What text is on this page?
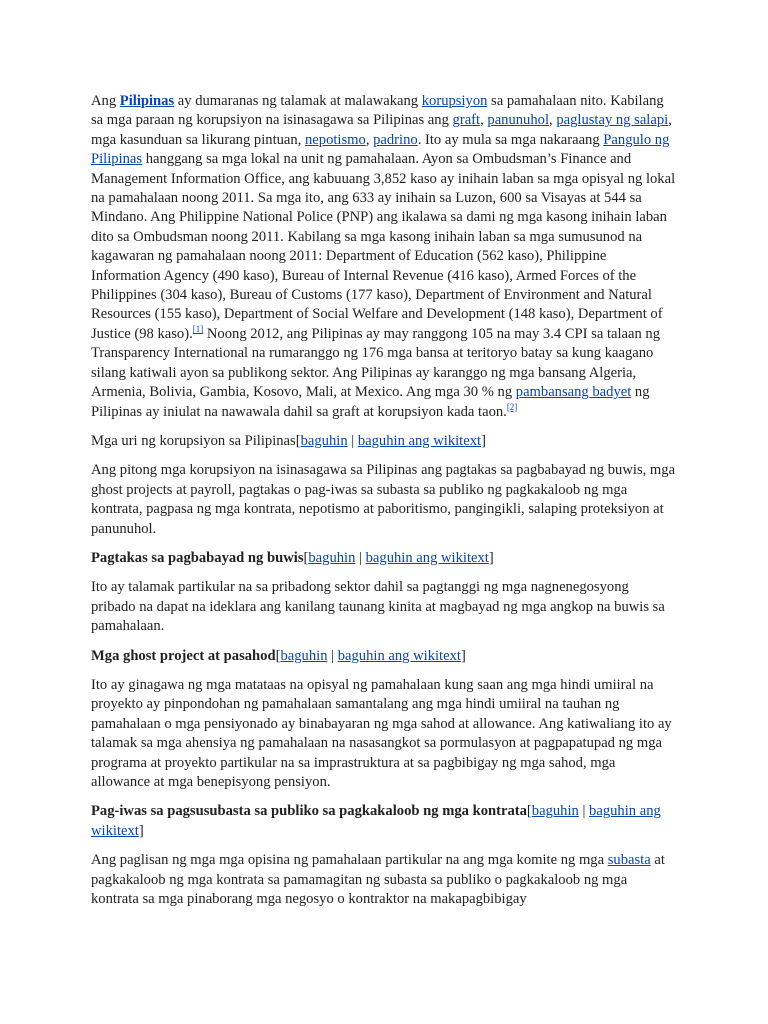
Ang Pilipinas ay dumaranas ng talamak at malawakang korupsiyon sa pamahalaan nito. Kabilang sa mga paraan ng korupsiyon na isinasagawa sa Pilipinas ang graft, panunuhol, paglustay ng salapi, mga kasunduan sa likurang pintuan, nepotismo, padrino. Ito ay mula sa mga nakaraang Pangulo ng Pilipinas hanggang sa mga lokal na unit ng pamahalaan. Ayon sa Ombudsman’s Finance and Management Information Office, ang kabuuang 3,852 kaso ay inihain laban sa mga opisyal ng lokal na pamahalaan noong 2011. Sa mga ito, ang 633 ay inihain sa Luzon, 600 sa Visayas at 544 sa Mindano. Ang Philippine National Police (PNP) ang ikalawa sa dami ng mga kasong inihain laban dito sa Ombudsman noong 2011. Kabilang sa mga kasong inihain laban sa mga sumusunod na kagawaran ng pamahalaan noong 2011: Department of Education (562 kaso), Philippine Information Agency (490 kaso), Bureau of Internal Revenue (416 kaso), Armed Forces of the Philippines (304 kaso), Bureau of Customs (177 kaso), Department of Environment and Natural Resources (155 kaso), Department of Social Welfare and Development (148 kaso), Department of Justice (98 kaso).[1] Noong 2012, ang Pilipinas ay may ranggong 105 na may 3.4 CPI sa talaan ng Transparency International na rumaranggo ng 176 mga bansa at teritoryo batay sa kung kaagano silang katiwali ayon sa publikong sektor. Ang Pilipinas ay karanggo ng mga bansang Algeria, Armenia, Bolivia, Gambia, Kosovo, Mali, at Mexico. Ang mga 30 % ng pambansang badyet ng Pilipinas ay iniulat na nawawala dahil sa graft at korupsiyon kada taon.[2]

Mga uri ng korupsiyon sa Pilipinas[baguhin | baguhin ang wikitext]

Ang pitong mga korupsiyon na isinasagawa sa Pilipinas ang pagtakas sa pagbabayad ng buwis, mga ghost projects at payroll, pagtakas o pag-iwas sa subasta sa publiko ng pagkakaloob ng mga kontrata, pagpasa ng mga kontrata, nepotismo at paboritismo, pangingikli, salaping proteksiyon at panunuhol.

Pagtakas sa pagbabayad ng buwis[baguhin | baguhin ang wikitext]

Ito ay talamak partikular na sa pribadong sektor dahil sa pagtanggi ng mga nagnenegosyong pribado na dapat na ideklara ang kanilang taunang kinita at magbayad ng mga angkop na buwis sa pamahalaan.

Mga ghost project at pasahod[baguhin | baguhin ang wikitext]

Ito ay ginagawa ng mga matataas na opisyal ng pamahalaan kung saan ang mga hindi umiiral na proyekto ay pinpondohan ng pamahalaan samantalang ang mga hindi umiiral na tauhan ng pamahalaan o mga pensiyonado ay binabayaran ng mga sahod at allowance. Ang katiwaliang ito ay talamak sa mga ahensiya ng pamahalaan na nasasangkot sa pormulasyon at pagpapatupad ng mga programa at proyekto partikular na sa imprastruktura at sa pagbibigay ng mga sahod, mga allowance at mga benepisyong pensiyon.

Pag-iwas sa pagsusubasta sa publiko sa pagkakaloob ng mga kontrata[baguhin | baguhin ang wikitext]

Ang paglisan ng mga mga opisina ng pamahalaan partikular na ang mga komite ng mga subasta at pagkakaloob ng mga kontrata sa pamamagitan ng subasta sa publiko o pagkakaloob ng mga kontrata sa mga pinaborang mga negosyo o kontraktor na makapagbibigay
